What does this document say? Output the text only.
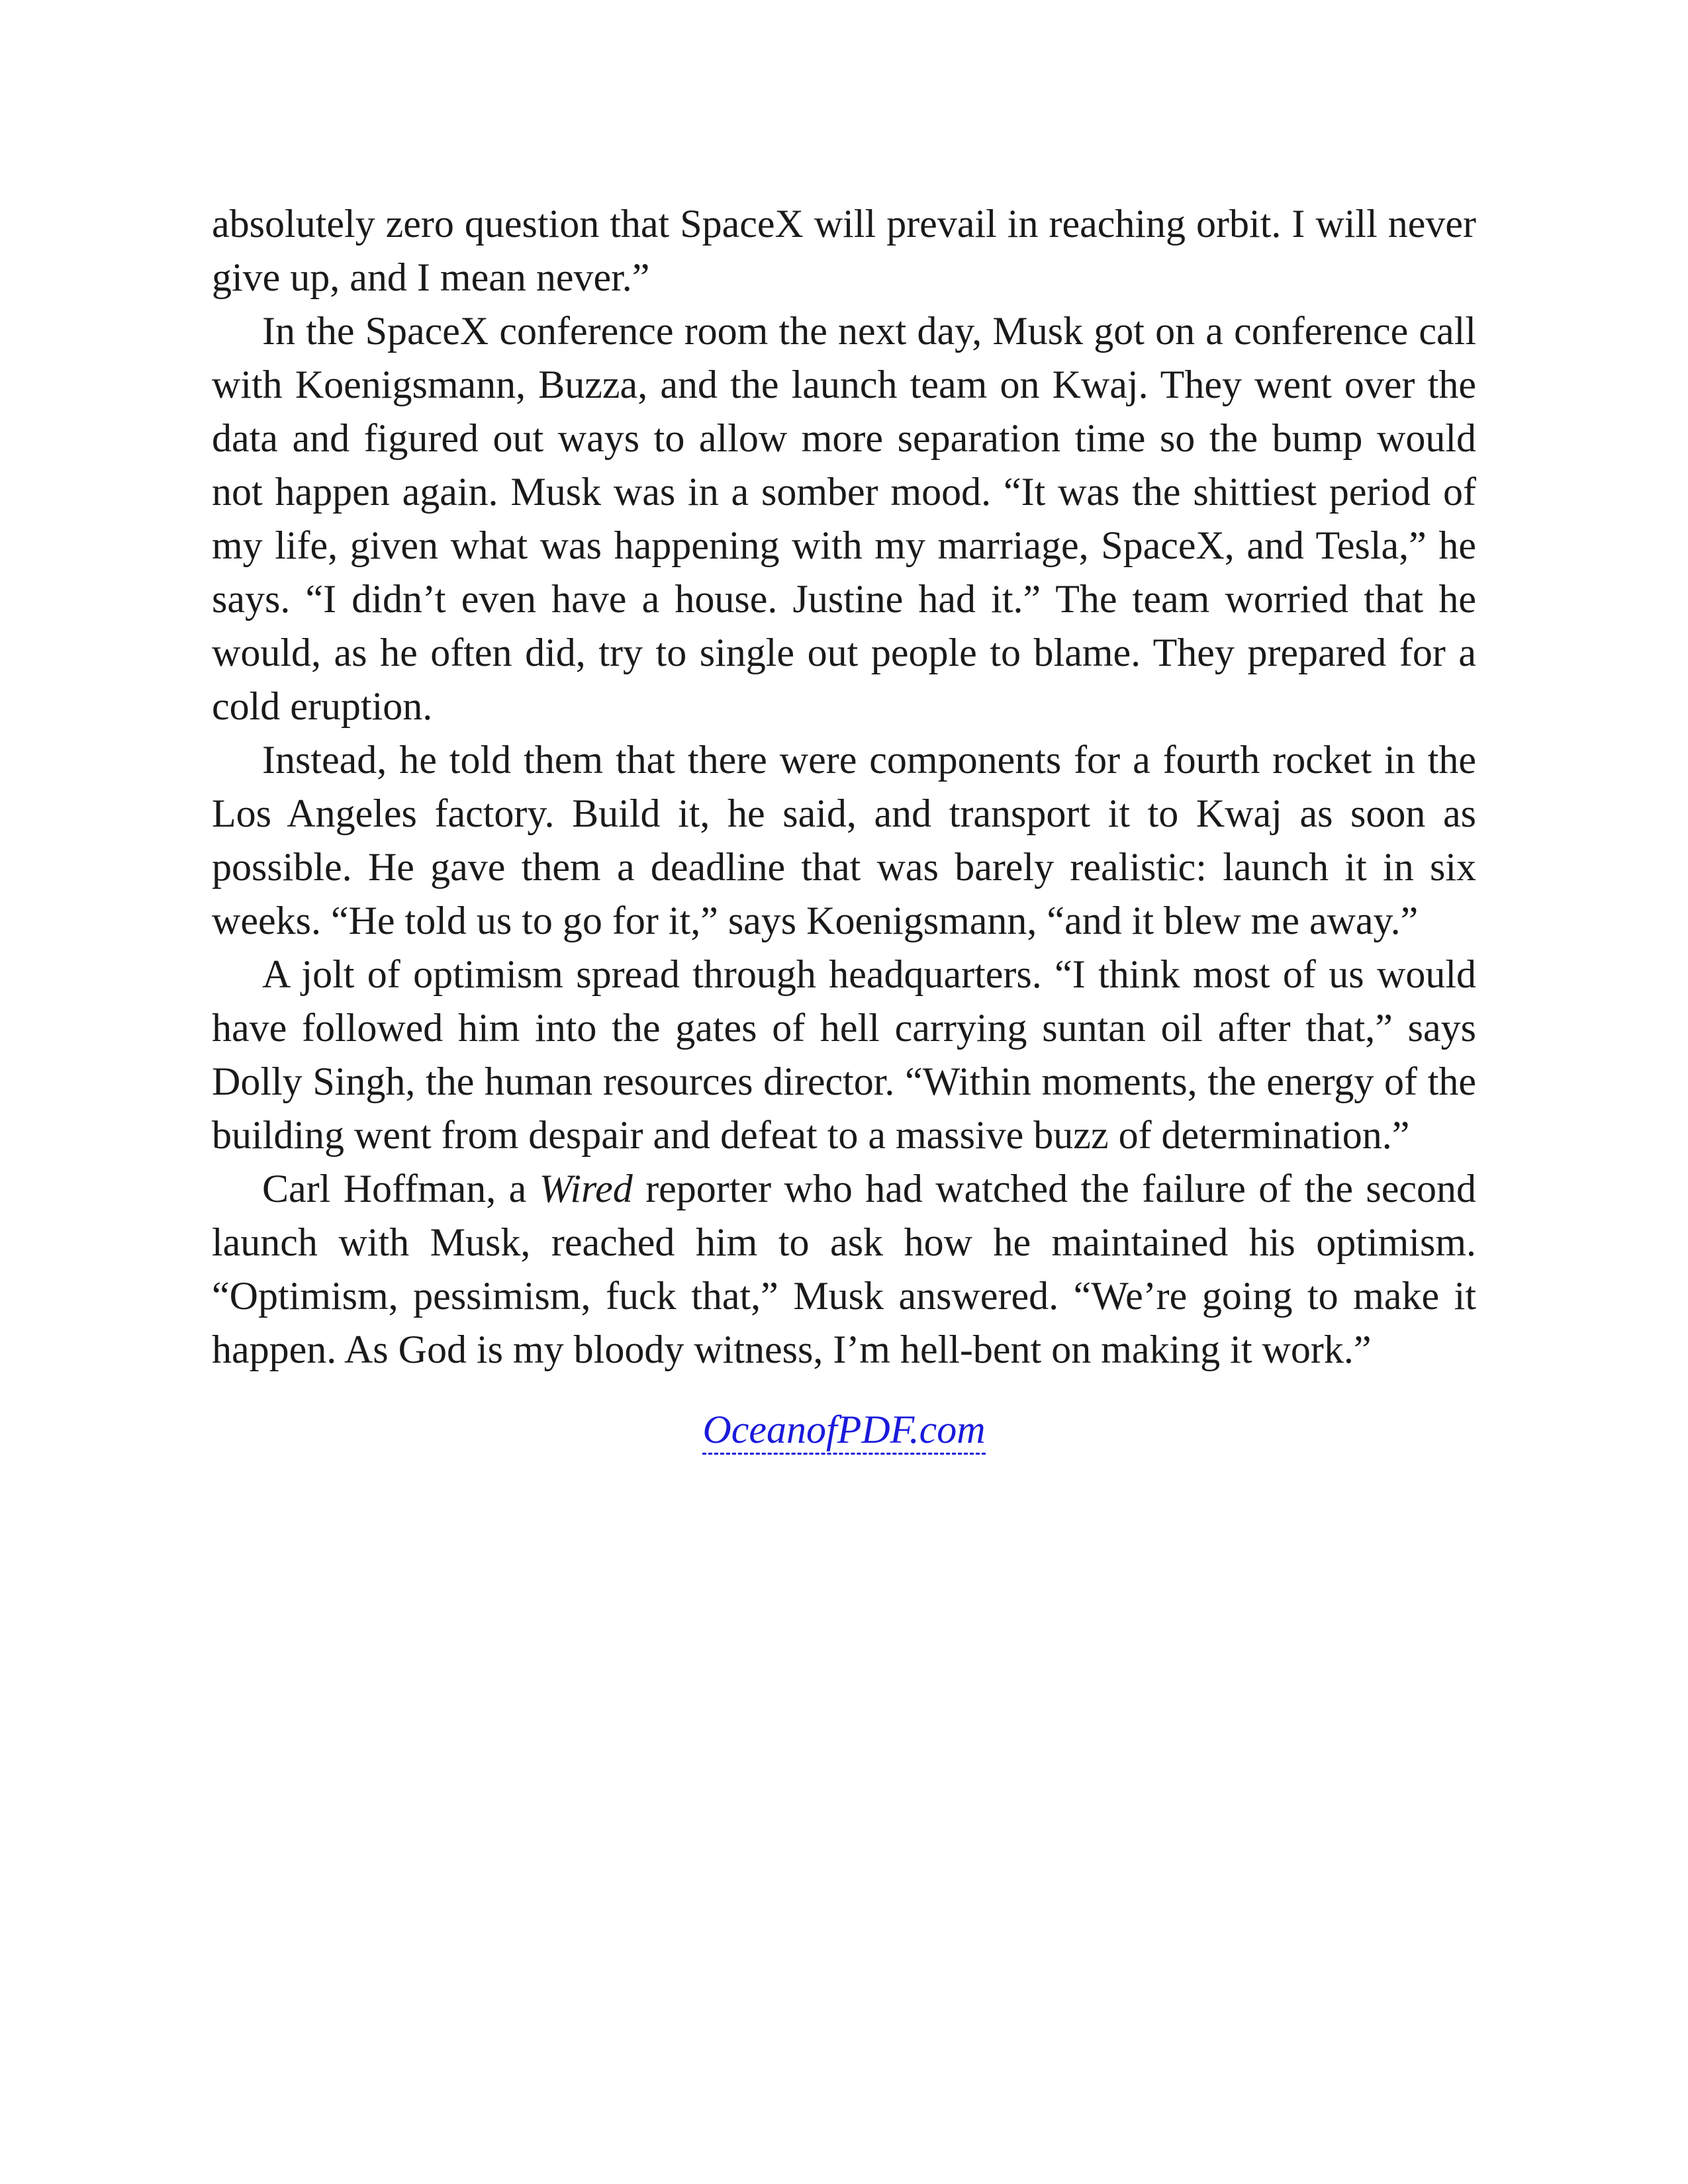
absolutely zero question that SpaceX will prevail in reaching orbit. I will never give up, and I mean never.”

In the SpaceX conference room the next day, Musk got on a conference call with Koenigsmann, Buzza, and the launch team on Kwaj. They went over the data and figured out ways to allow more separation time so the bump would not happen again. Musk was in a somber mood. “It was the shittiest period of my life, given what was happening with my marriage, SpaceX, and Tesla,” he says. “I didn’t even have a house. Justine had it.” The team worried that he would, as he often did, try to single out people to blame. They prepared for a cold eruption.

Instead, he told them that there were components for a fourth rocket in the Los Angeles factory. Build it, he said, and transport it to Kwaj as soon as possible. He gave them a deadline that was barely realistic: launch it in six weeks. “He told us to go for it,” says Koenigsmann, “and it blew me away.”

A jolt of optimism spread through headquarters. “I think most of us would have followed him into the gates of hell carrying suntan oil after that,” says Dolly Singh, the human resources director. “Within moments, the energy of the building went from despair and defeat to a massive buzz of determination.”

Carl Hoffman, a Wired reporter who had watched the failure of the second launch with Musk, reached him to ask how he maintained his optimism. “Optimism, pessimism, fuck that,” Musk answered. “We’re going to make it happen. As God is my bloody witness, I’m hell-bent on making it work.”

OceanofPDF.com
